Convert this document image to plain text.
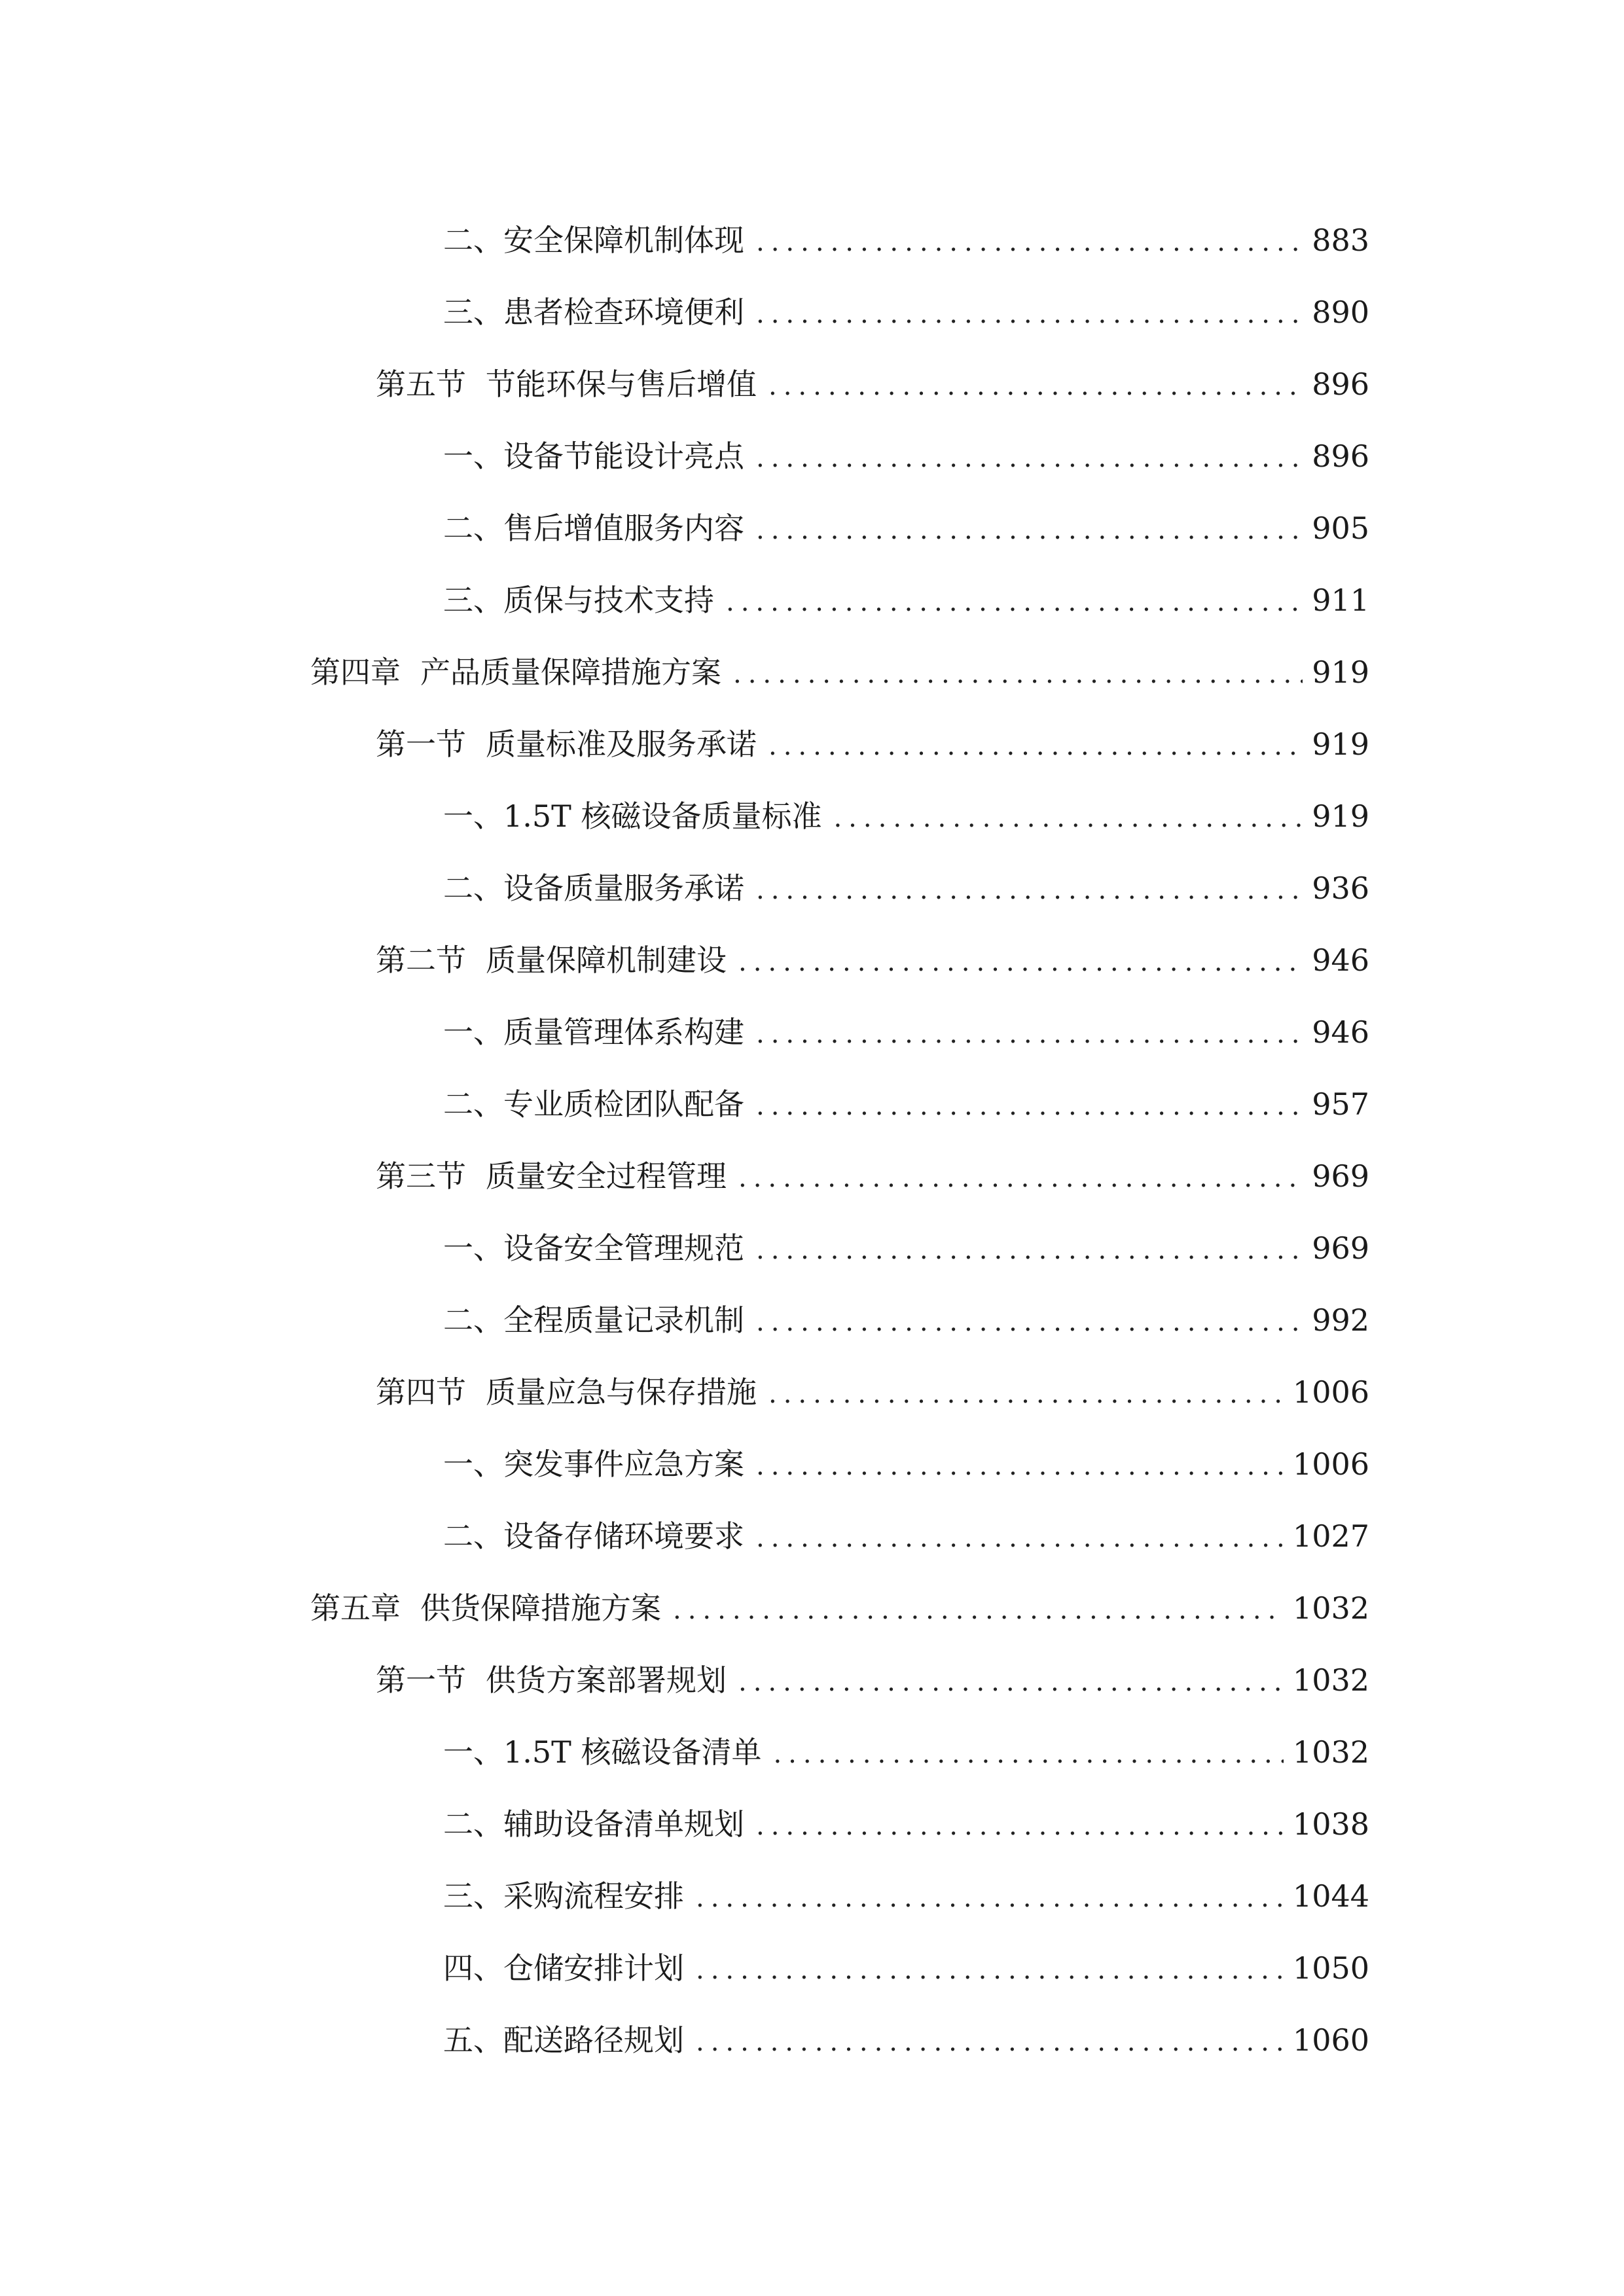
二、 安全保障机制体现 .....	883
三、 患者检查环境便利 .....	890
第五节 节能环保与售后增值 .....	896
一、 设备节能设计亮点 .....	896
二、 售后增值服务内容 .....	905
三、 质保与技术支持 .....	911
第四章 产品质量保障措施方案 .....	919
第一节 质量标准及服务承诺 .....	919
一、 1.5T 核磁设备质量标准 .....	919
二、 设备质量服务承诺 .....	936
第二节 质量保障机制建设 .....	946
一、 质量管理体系构建 .....	946
二、 专业质检团队配备 .....	957
第三节 质量安全过程管理 .....	969
一、 设备安全管理规范 .....	969
二、 全程质量记录机制 .....	992
第四节 质量应急与保存措施 .....	1006
一、 突发事件应急方案 .....	1006
二、 设备存储环境要求 .....	1027
第五章 供货保障措施方案 .....	1032
第一节 供货方案部署规划 .....	1032
一、 1.5T 核磁设备清单 .....	1032
二、 辅助设备清单规划 .....	1038
三、 采购流程安排 .....	1044
四、 仓储安排计划 .....	1050
五、 配送路径规划 .....	1060
